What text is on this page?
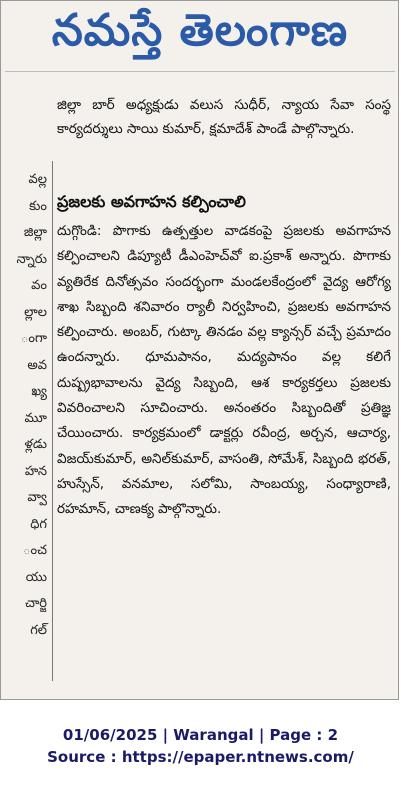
నమస్తే తెలంగాణ
వల్ల
కుం
జిల్లా
న్నారు
వం
ల్లాల
ంగా
అవ
ఖ్య
మూ
ళ్లడు
హన
వ్వా
ధిగ
ంచ
యు
చార్జి
గల్

జిల్లా బార్ అధ్యక్షుడు వలుస సుధీర్, న్యాయ సేవా సంస్థ కార్యదర్శులు సాయి కుమార్, క్షమాదేశ్ పాండే పాల్గొన్నారు.

ప్రజలకు అవగాహన కల్పించాలి
దుగ్గొండి: పొగాకు ఉత్పత్తుల వాడకంపై ప్రజలకు అవగాహన కల్పించాలని డిప్యూటీ డీఎంహెచ్‌వో ఐ.ప్రకాశ్ అన్నారు. పొగాకు వ్యతిరేక దినోత్సవం సందర్భంగా మండలకేంద్రంలో వైద్య ఆరోగ్య శాఖ సిబ్బంది శనివారం ర్యాలీ నిర్వహించి, ప్రజలకు అవగాహన కల్పించారు. అంబర్, గుట్కా తినడం వల్ల క్యాన్సర్ వచ్చే ప్రమాదం ఉందన్నారు. ధూమపానం, మద్యపానం వల్ల కలిగే దుష్ప్రభావాలను వైద్య సిబ్బంది, ఆశ కార్యకర్తలు ప్రజలకు వివరించాలని సూచించారు. అనంతరం సిబ్బందితో ప్రతిజ్ఞ చేయించారు. కార్యక్రమంలో డాక్టర్లు రవీంద్ర, అర్చన, ఆచార్య, విజయ్‌కుమార్, అనిల్‌కుమార్, వాసంతి, సోమేశ్, సిబ్బంది భరత్, హుస్సేన్, వనమాల, సలోమి, సాంబయ్య, సంధ్యారాణి, రహమాన్, చాణక్య పాల్గొన్నారు.
01/06/2025 | Warangal | Page : 2
Source : https://epaper.ntnews.com/
